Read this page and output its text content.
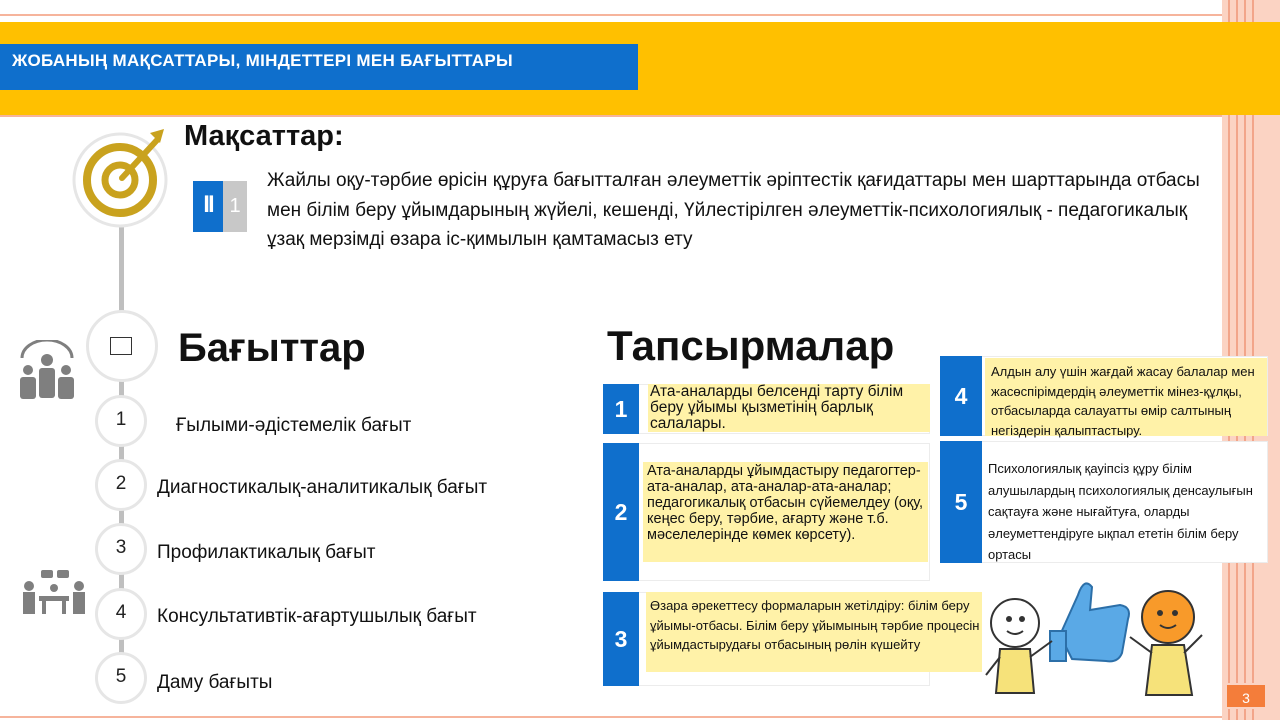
ЖОБАНЫҢ МАҚСАТТАРЫ, МІНДЕТТЕРІ МЕН БАҒЫТТАРЫ
1
2
3
4
5
Мақсаттар:
ꟾꟾ 1
Жайлы оқу-тәрбие өрісін құруға бағытталған әлеуметтік әріптестік қағидаттары мен шарттарында отбасы мен білім беру ұйымдарының жүйелі, кешенді, Үйлестірілген әлеуметтік-психологиялық - педагогикалық ұзақ мерзімді өзара іс-қимылын қамтамасыз ету
Бағыттар
Ғылыми-әдістемелік бағыт
Диагностикалық-аналитикалық бағыт
Профилактикалық бағыт
Консультативтік-ағартушылық бағыт
Даму бағыты
Тапсырмалар
1
Ата-аналарды белсенді тарту білім беру ұйымы қызметінің барлық салалары.
2
Ата-аналарды ұйымдастыру педагогтер-ата-аналар, ата-аналар-ата-аналар; педагогикалық отбасын сүйемелдеу (оқу, кеңес беру, тәрбие, ағарту және т.б. мәселелерінде көмек көрсету).
3
Өзара әрекеттесу формаларын жетілдіру: білім беру ұйымы-отбасы. Білім беру ұйымының тәрбие процесін ұйымдастырудағы отбасының рөлін күшейту
4
Алдын алу үшін жағдай жасау балалар мен жасөспірімдердің әлеуметтік мінез-құлқы, отбасыларда салауатты өмір салтының негіздерін қалыптастыру.
5
Психологиялық қауіпсіз құру білім алушылардың психологиялық денсаулығын сақтауға және нығайтуға, оларды әлеуметтендіруге ықпал ететін білім беру ортасы
3
